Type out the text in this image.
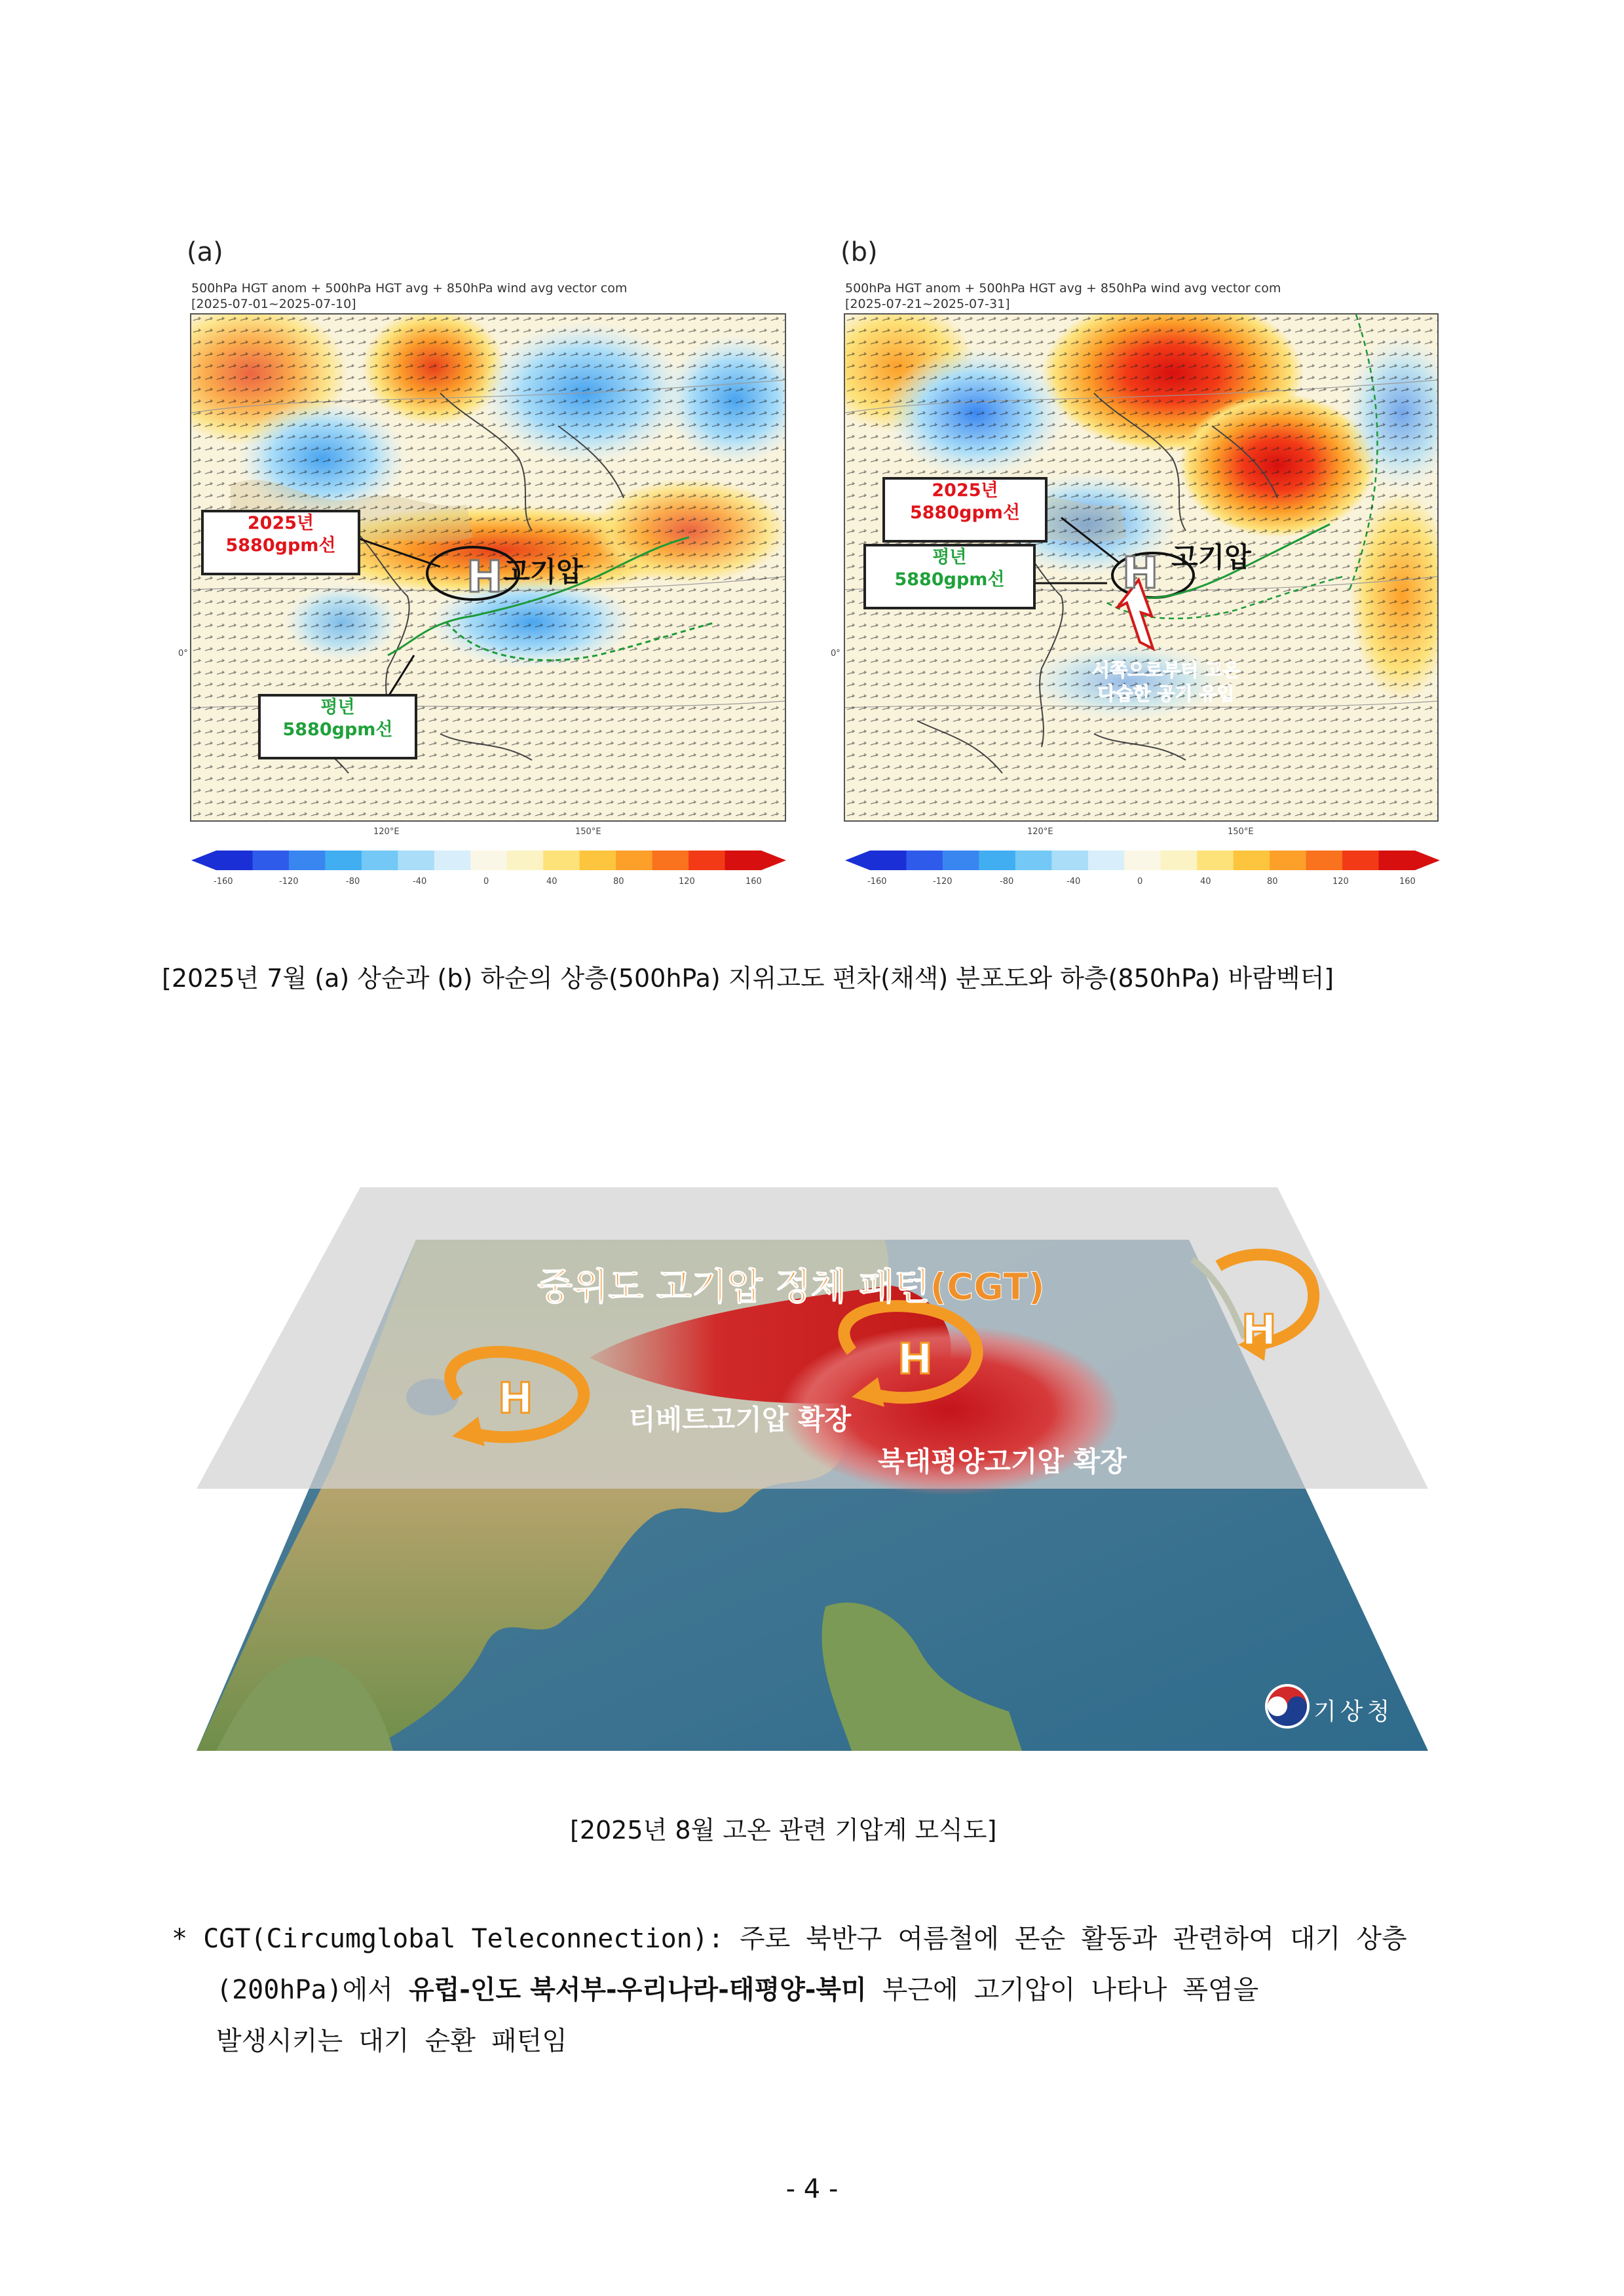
(a)
500hPa HGT anom + 500hPa HGT avg + 850hPa wind avg vector com
[2025-07-01~2025-07-10]
2025년
5880gpm선
평년
5880gpm선
H 고기압
0°
120°E	150°E
-160	-120	-80	-40	0	40	80	120	160
(b)
500hPa HGT anom + 500hPa HGT avg + 850hPa wind avg vector com
[2025-07-21~2025-07-31]
2025년
5880gpm선
평년
5880gpm선	H 고기압
서쪽으로부터 고온
다습한 공기 유입
0°
120°E	150°E
-160	-120	-80	-40	0	40	80	120	160
[2025년 7월 (a) 상순과 (b) 하순의 상층(500hPa) 지위고도 편차(채색) 분포도와 하층(850hPa) 바람벡터]
중위도 고기압 정체 패턴(CGT)
H
H
H
티베트고기압 확장
북태평양고기압 확장
기상청
[2025년 8월 고온 관련 기압계 모식도]
* CGT(Circumglobal Teleconnection): 주로 북반구 여름철에 몬순 활동과 관련하여 대기 상층
(200hPa)에서 유럽-인도 북서부-우리나라-태평양-북미 부근에 고기압이 나타나 폭염을
발생시키는 대기 순환 패턴임
- 4 -
